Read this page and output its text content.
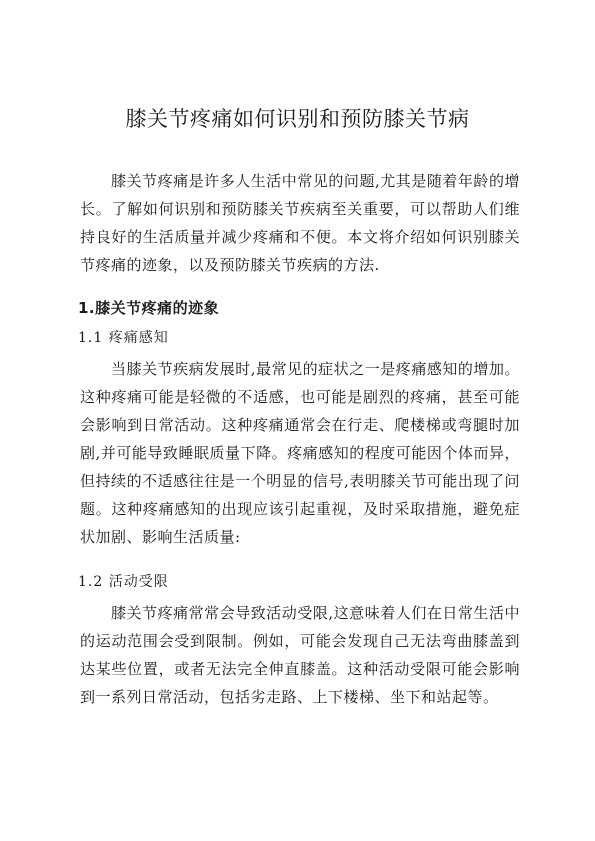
膝关节疼痛如何识别和预防膝关节病
膝关节疼痛是许多人生活中常见的问题,尤其是随着年龄的增长。了解如何识别和预防膝关节疾病至关重要，可以帮助人们维持良好的生活质量并减少疼痛和不便。本文将介绍如何识别膝关节疼痛的迹象，以及预防膝关节疾病的方法.
1.膝关节疼痛的迹象
1.1 疼痛感知
当膝关节疾病发展时,最常见的症状之一是疼痛感知的增加。这种疼痛可能是轻微的不适感，也可能是剧烈的疼痛，甚至可能会影响到日常活动。这种疼痛通常会在行走、爬楼梯或弯腿时加剧,并可能导致睡眠质量下降。疼痛感知的程度可能因个体而异，但持续的不适感往往是一个明显的信号,表明膝关节可能出现了问题。这种疼痛感知的出现应该引起重视，及时采取措施，避免症状加剧、影响生活质量:
1.2 活动受限
膝关节疼痛常常会导致活动受限,这意味着人们在日常生活中的运动范围会受到限制。例如，可能会发现自己无法弯曲膝盖到达某些位置，或者无法完全伸直膝盖。这种活动受限可能会影响到一系列日常活动，包括劣走路、上下楼梯、坐下和站起等。
